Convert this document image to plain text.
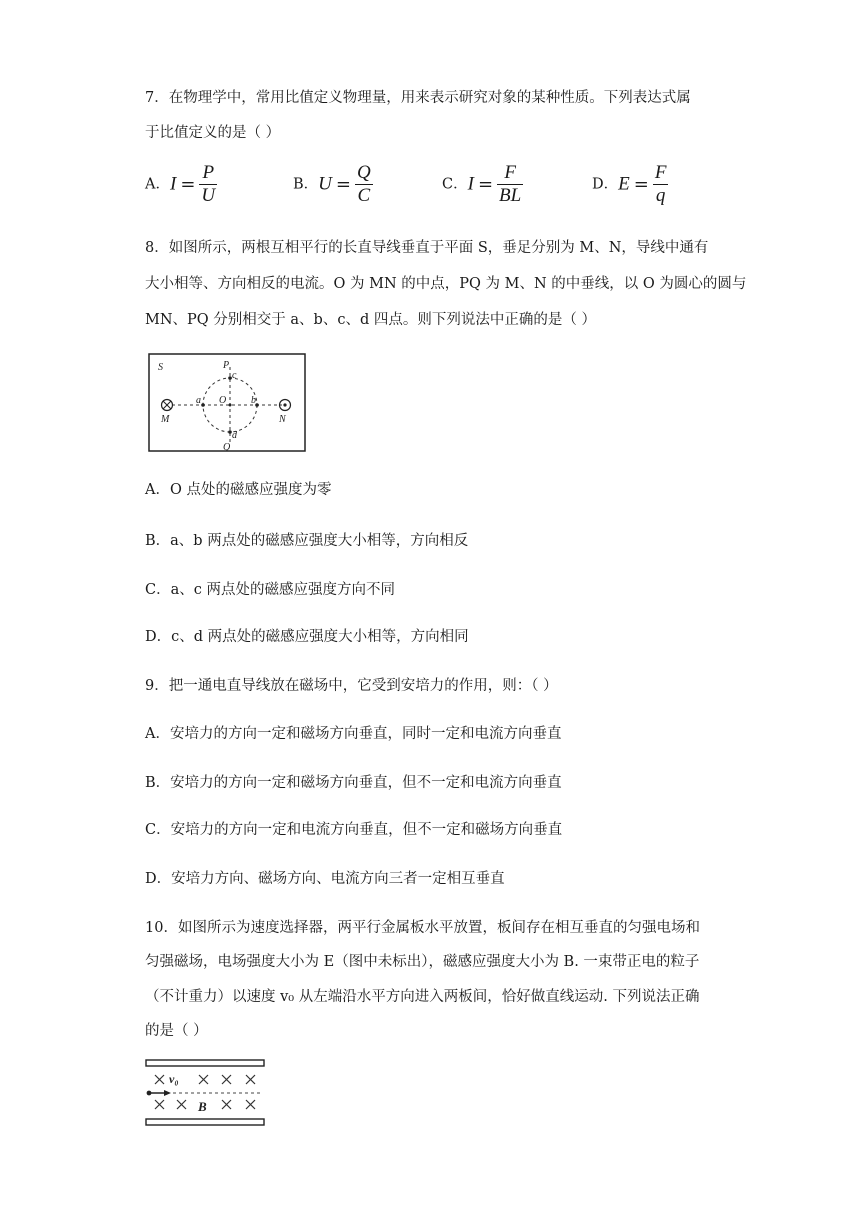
7．在物理学中，常用比值定义物理量，用来表示研究对象的某种性质。下列表达式属
于比值定义的是（ ）
A．$I = \frac{P}{U}$	B．$U = \frac{Q}{C}$	C．$I = \frac{F}{BL}$	D．$E = \frac{F}{q}$
8．如图所示，两根互相平行的长直导线垂直于平面 S，垂足分别为 M、N，导线中通有
大小相等、方向相反的电流。O 为 MN 的中点，PQ 为 M、N 的中垂线，以 O 为圆心的圆与
MN、PQ 分别相交于 a、b、c、d 四点。则下列说法中正确的是（ ）
S	P
c
a O b
M	N
d
Q
A．O 点处的磁感应强度为零
B．a、b 两点处的磁感应强度大小相等，方向相反
C．a、c 两点处的磁感应强度方向不同
D．c、d 两点处的磁感应强度大小相等，方向相同
9．把一通电直导线放在磁场中，它受到安培力的作用，则：（ ）
A．安培力的方向一定和磁场方向垂直，同时一定和电流方向垂直
B．安培力的方向一定和磁场方向垂直，但不一定和电流方向垂直
C．安培力的方向一定和电流方向垂直，但不一定和磁场方向垂直
D．安培力方向、磁场方向、电流方向三者一定相互垂直
10．如图所示为速度选择器，两平行金属板水平放置，板间存在相互垂直的匀强电场和
匀强磁场，电场强度大小为 E（图中未标出），磁感应强度大小为 B. 一束带正电的粒子
（不计重力）以速度 v₀ 从左端沿水平方向进入两板间，恰好做直线运动. 下列说法正确
的是（ ）
v₀
B
